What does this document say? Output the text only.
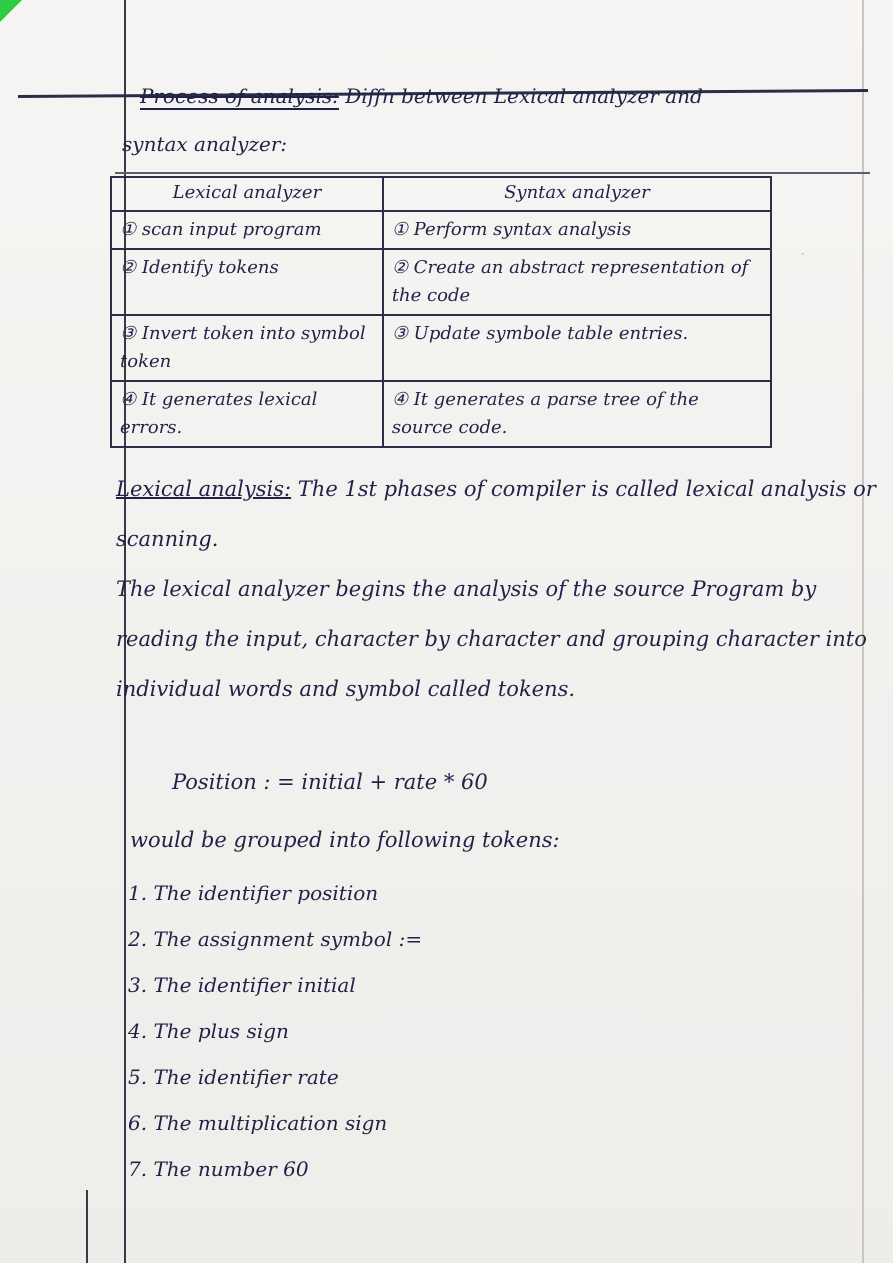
.
Process of analysis: Diffn between Lexical analyzer and
syntax analyzer:
Lexical analyzer	Syntax analyzer
① scan input program	① Perform syntax analysis
② Identify tokens	② Create an abstract representation of the code
③ Invert token into symbol token	③ Update symbole table entries.
④ It generates lexical errors.	④ It generates a parse tree of the source code.
Lexical analysis: The 1st phases of compiler is called lexical analysis or scanning.
The lexical analyzer begins the analysis of the source Program by reading the input, character by character and grouping character into individual words and symbol called tokens.
Position : = initial + rate * 60
would be grouped into following tokens:
1. The identifier position
2. The assignment symbol :=
3. The identifier initial
4. The plus sign
5. The identifier rate
6. The multiplication sign
7. The number 60
